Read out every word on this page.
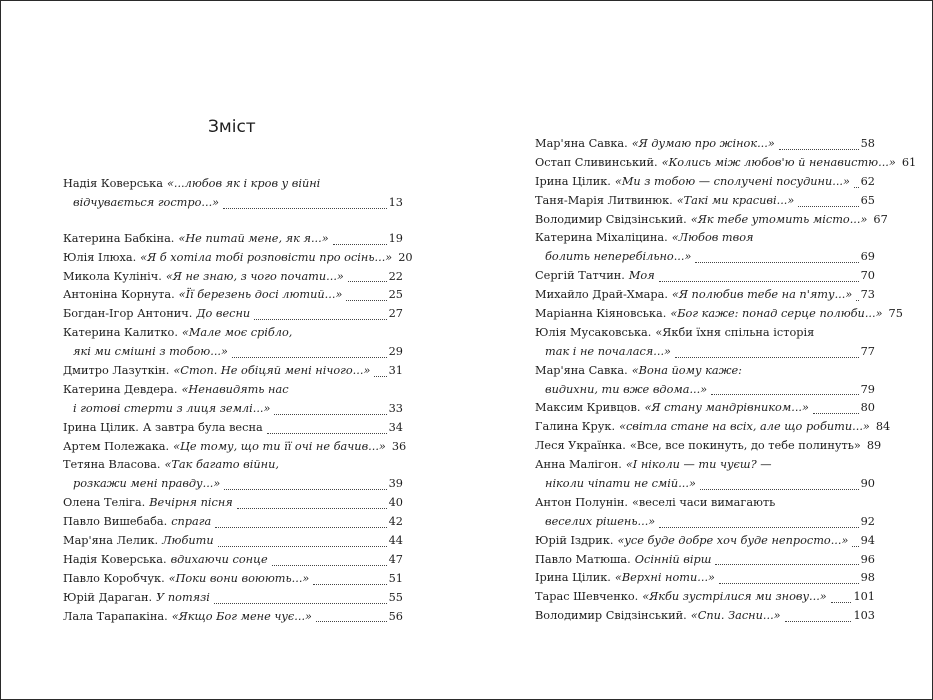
Зміст
Надія Коверська «...любов як і кров у війні
відчувається гостро...»	13
Катерина Бабкіна. «Не питай мене, як я...»	19
Юлія Ілюха. «Я б хотіла тобі розповісти про осінь...» 20
Микола Кулініч. «Я не знаю, з чого почати...»	22
Антоніна Корнута. «Її березень досі лютий...»	25
Богдан-Ігор Антонич. До весни	27
Катерина Калитко. «Мале моє срібло,
які ми смішні з тобою...»	29
Дмитро Лазуткін. «Стоп. Не обіцяй мені нічого...» 31
Катерина Девдера. «Ненавидять нас
і готові стерти з лиця землі...»	33
Ірина Цілик. А завтра була весна	34
Артем Полежака. «Це тому, що ти її очі не бачив...» 36
Тетяна Власова. «Так багато війни,
розкажи мені правду...»	39
Олена Теліга. Вечірня пісня	40
Павло Вишебаба. спрага	42
Мар'яна Лелик. Любити	44
Надія Коверська. вдихаючи сонце	47
Павло Коробчук. «Поки вони воюють...»	51
Юрій Дараган. У потязі	55
Лала Тарапакіна. «Якщо Бог мене чує...»	56
Мар'яна Савка. «Я думаю про жінок...»	58
Остап Сливинський. «Колись між любов'ю й ненавистю...» 61
Ірина Цілик. «Ми з тобою — сполучені посудини...» 62
Таня-Марія Литвинюк. «Такі ми красиві...»	65
Володимир Свідзінський. «Як тебе утомить місто...» 67
Катерина Міхаліцина. «Любов твоя
болить неперебільно...»	69
Сергій Татчин. Моя	70
Михайло Драй-Хмара. «Я полюбив тебе на п'яту...» 73
Маріанна Кіяновська. «Бог каже: понад серце полюби...» 75
Юлія Мусаковська. «Якби їхня спільна історія
так і не почалася...»	77
Мар'яна Савка. «Вона йому каже:
видихни, ти вже вдома...»	79
Максим Кривцов. «Я стану мандрівником...»	80
Галина Крук. «світла стане на всіх, але що робити...» 84
Леся Українка. «Все, все покинуть, до тебе полинуть» 89
Анна Малігон. «І ніколи — ти чуєш? —
ніколи чіпати не смій...»	90
Антон Полунін. «веселі часи вимагають
веселих рішень...»	92
Юрій Іздрик. «усе буде добре хоч буде непросто...» 94
Павло Матюша. Осінній вірш	96
Ірина Цілик. «Верхні ноти...»	98
Тарас Шевченко. «Якби зустрілися ми знову...» 101
Володимир Свідзінський. «Спи. Засни...»	103
